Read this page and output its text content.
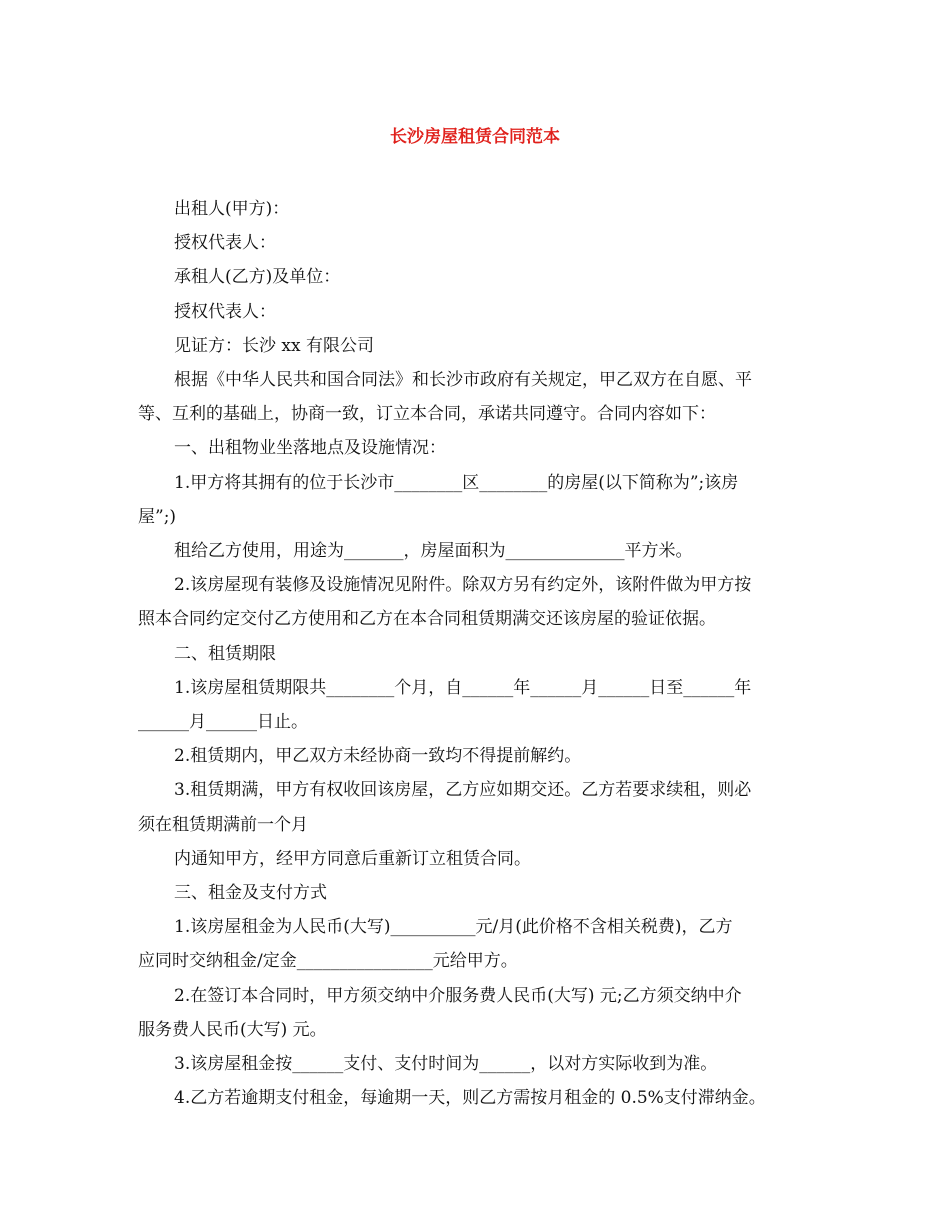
长沙房屋租赁合同范本

出租人(甲方)：

授权代表人：

承租人(乙方)及单位：

授权代表人：

见证方：长沙 xx 有限公司

根据《中华人民共和国合同法》和长沙市政府有关规定，甲乙双方在自愿、平

等、互利的基础上，协商一致，订立本合同，承诺共同遵守。合同内容如下：

一、出租物业坐落地点及设施情况：

1.甲方将其拥有的位于长沙市________区________的房屋(以下简称为”;该房

屋”;)

租给乙方使用，用途为_______，房屋面积为______________平方米。

2.该房屋现有装修及设施情况见附件。除双方另有约定外，该附件做为甲方按

照本合同约定交付乙方使用和乙方在本合同租赁期满交还该房屋的验证依据。

二、租赁期限

1.该房屋租赁期限共________个月，自______年______月______日至______年

______月______日止。

2.租赁期内，甲乙双方未经协商一致均不得提前解约。

3.租赁期满，甲方有权收回该房屋，乙方应如期交还。乙方若要求续租，则必

须在租赁期满前一个月

内通知甲方，经甲方同意后重新订立租赁合同。

三、租金及支付方式

1.该房屋租金为人民币(大写)__________元/月(此价格不含相关税费)，乙方

应同时交纳租金/定金________________元给甲方。

2.在签订本合同时，甲方须交纳中介服务费人民币(大写) 元;乙方须交纳中介

服务费人民币(大写) 元。

3.该房屋租金按______支付、支付时间为______，以对方实际收到为准。

4.乙方若逾期支付租金，每逾期一天，则乙方需按月租金的 0.5%支付滞纳金。
